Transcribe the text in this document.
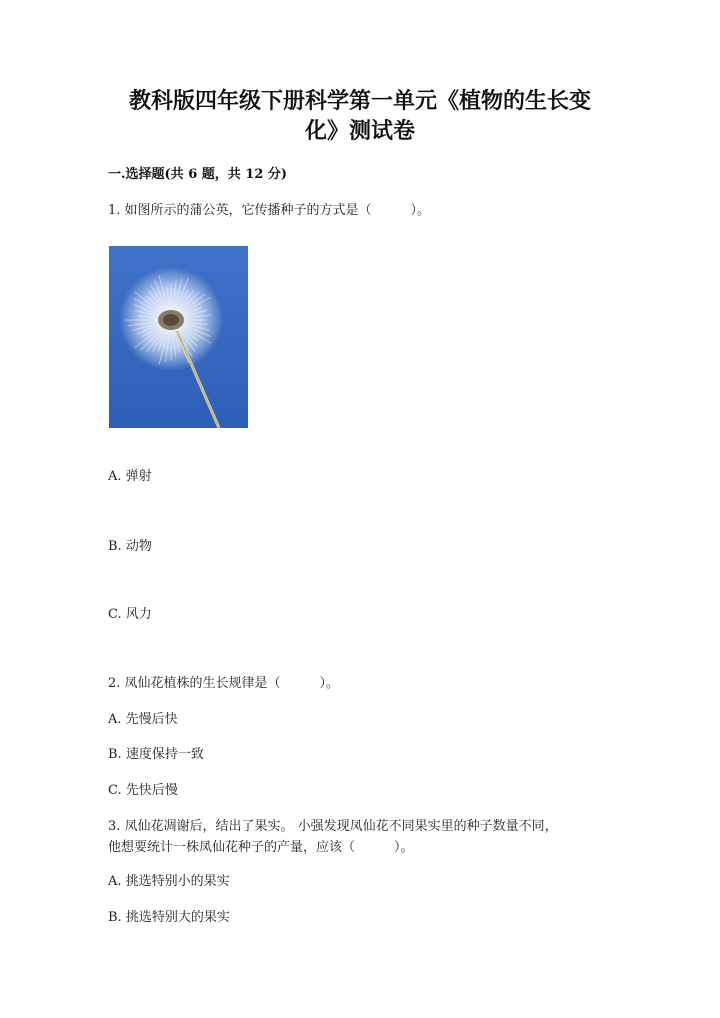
教科版四年级下册科学第一单元《植物的生长变
化》测试卷
一.选择题(共 6 题，共 12 分)
1. 如图所示的蒲公英，它传播种子的方式是（　　　）。
A. 弹射
B. 动物
C. 风力
2. 凤仙花植株的生长规律是（　　　）。
A. 先慢后快
B. 速度保持一致
C. 先快后慢
3. 凤仙花凋谢后，结出了果实。 小强发现凤仙花不同果实里的种子数量不同，
他想要统计一株凤仙花种子的产量，应该（　　　）。
A. 挑选特别小的果实
B. 挑选特别大的果实
